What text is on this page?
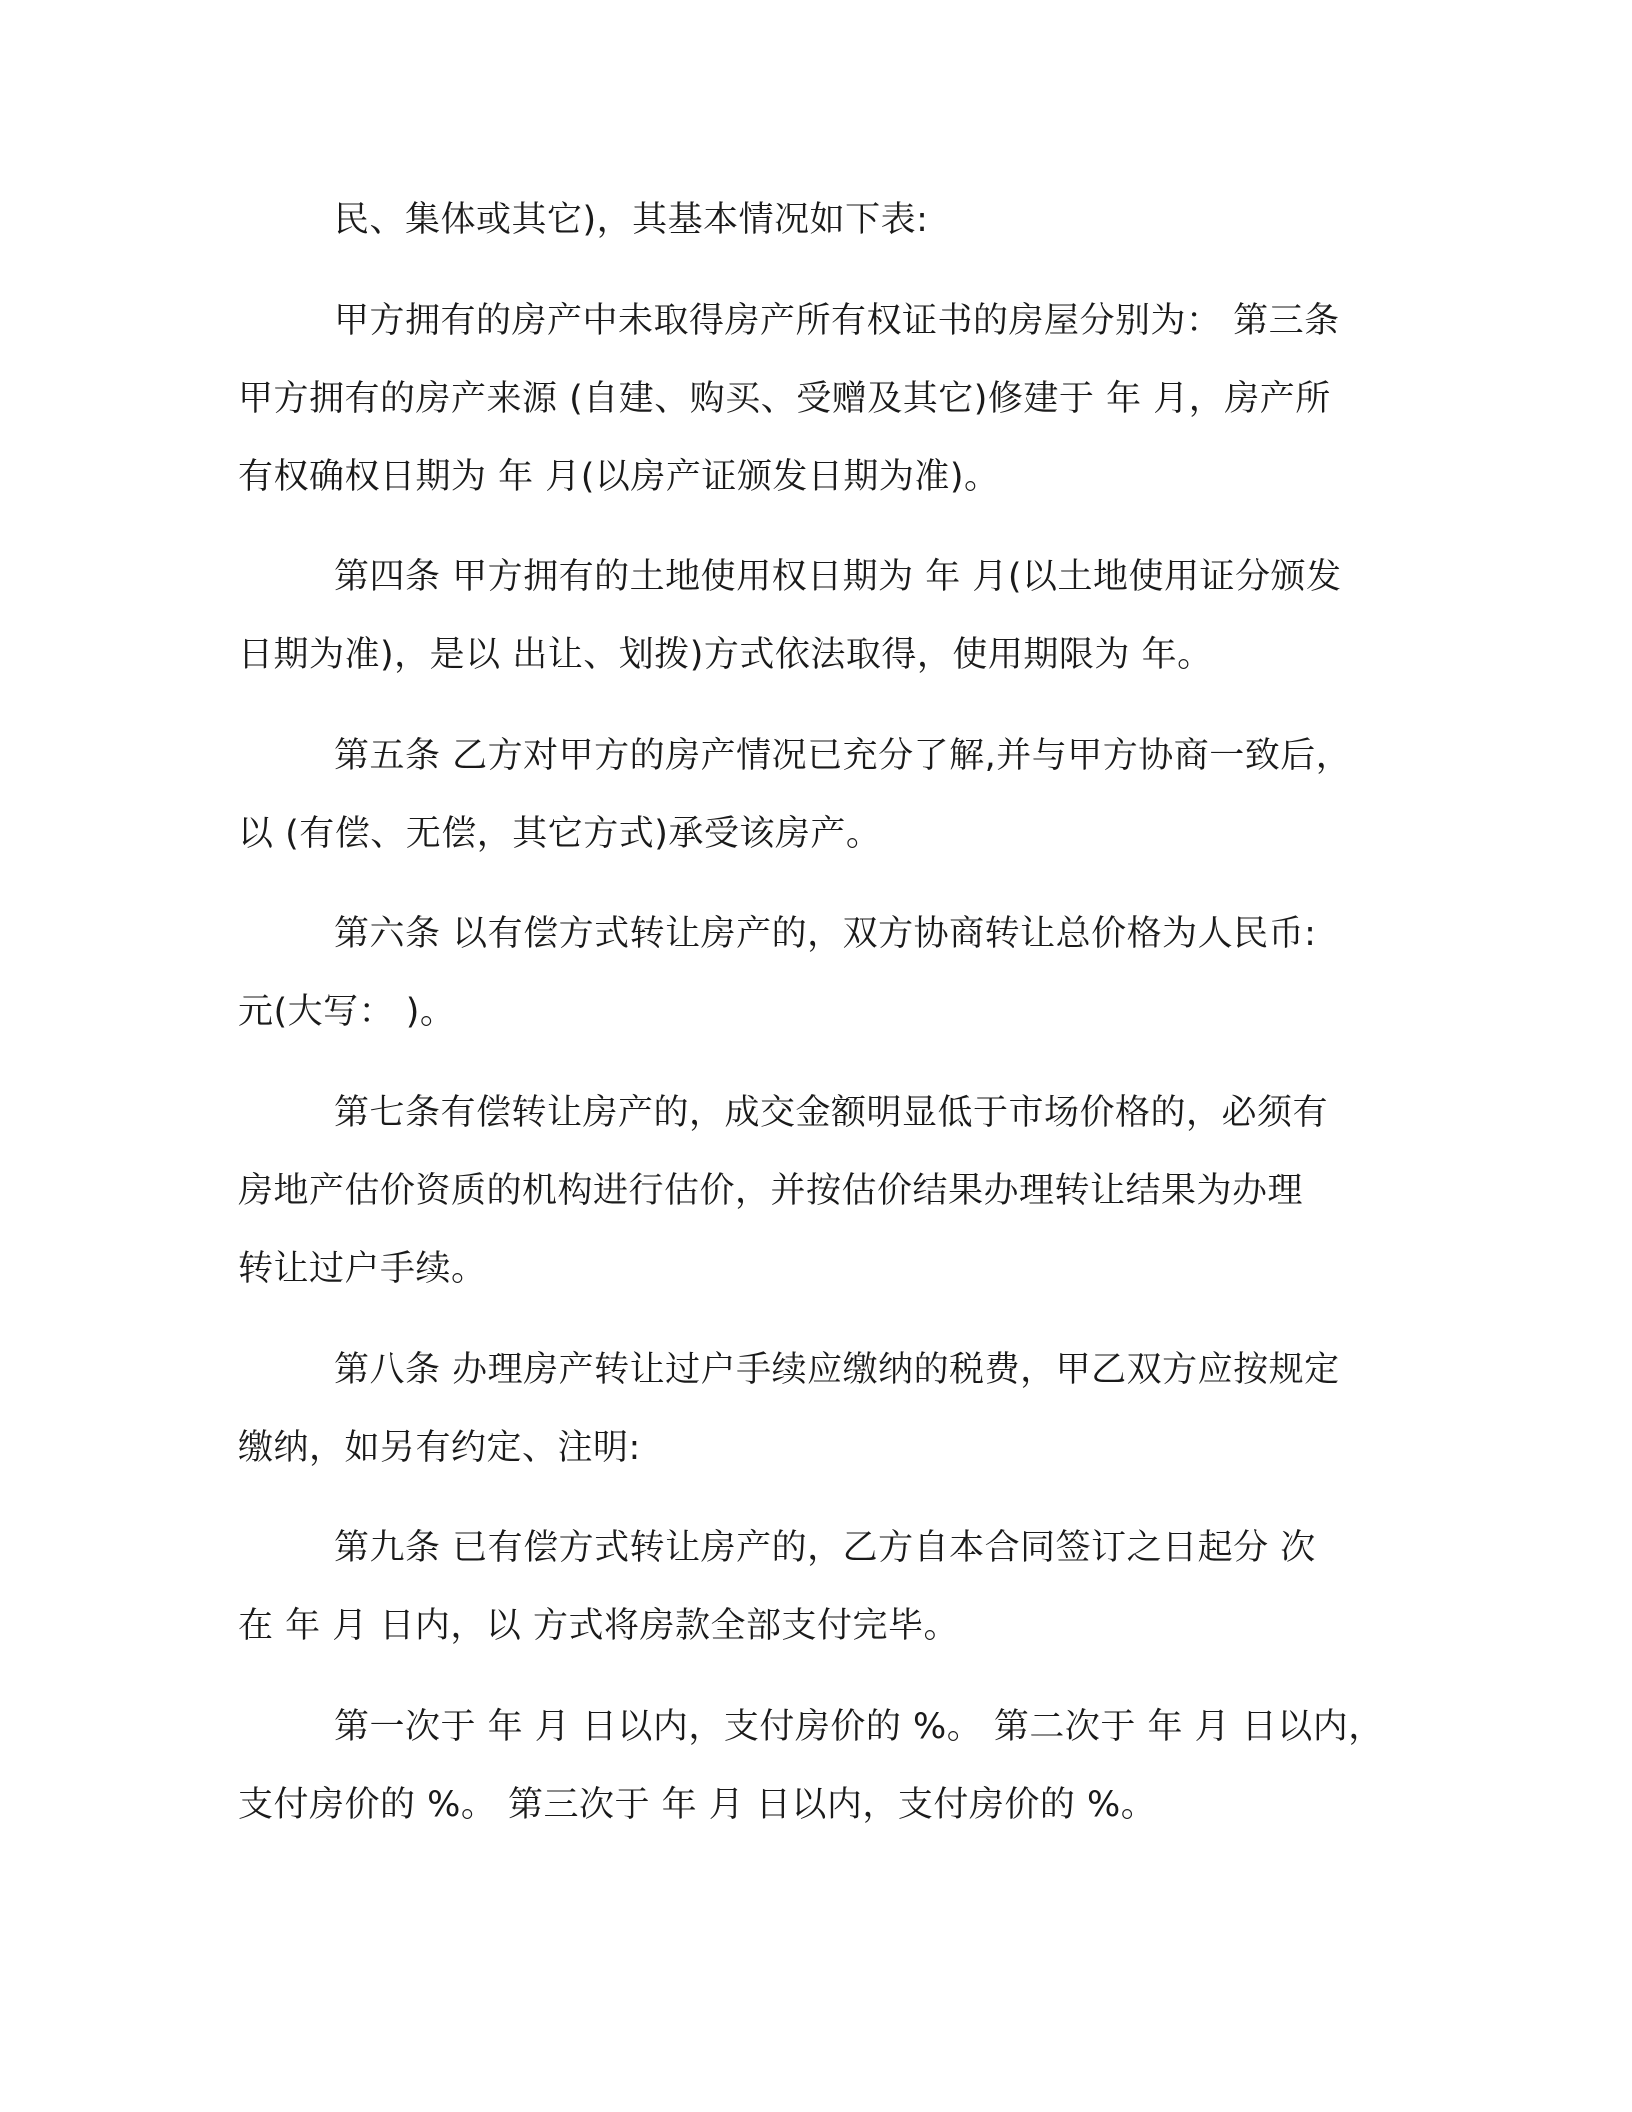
民、集体或其它)，其基本情况如下表:

甲方拥有的房产中未取得房产所有权证书的房屋分别为： 第三条

甲方拥有的房产来源 (自建、购买、受赠及其它)修建于 年 月，房产所

有权确权日期为 年 月(以房产证颁发日期为准)。

第四条 甲方拥有的土地使用权日期为 年 月(以土地使用证分颁发

日期为准)，是以 出让、划拨)方式依法取得，使用期限为 年。

第五条 乙方对甲方的房产情况已充分了解,并与甲方协商一致后，

以 (有偿、无偿，其它方式)承受该房产。

第六条 以有偿方式转让房产的，双方协商转让总价格为人民币:

元(大写： )。

第七条有偿转让房产的，成交金额明显低于市场价格的，必须有

房地产估价资质的机构进行估价，并按估价结果办理转让结果为办理

转让过户手续。

第八条 办理房产转让过户手续应缴纳的税费，甲乙双方应按规定

缴纳，如另有约定、注明:

第九条 已有偿方式转让房产的，乙方自本合同签订之日起分 次

在 年 月 日内，以 方式将房款全部支付完毕。

第一次于 年 月 日以内，支付房价的 %。 第二次于 年 月 日以内，

支付房价的 %。 第三次于 年 月 日以内，支付房价的 %。
